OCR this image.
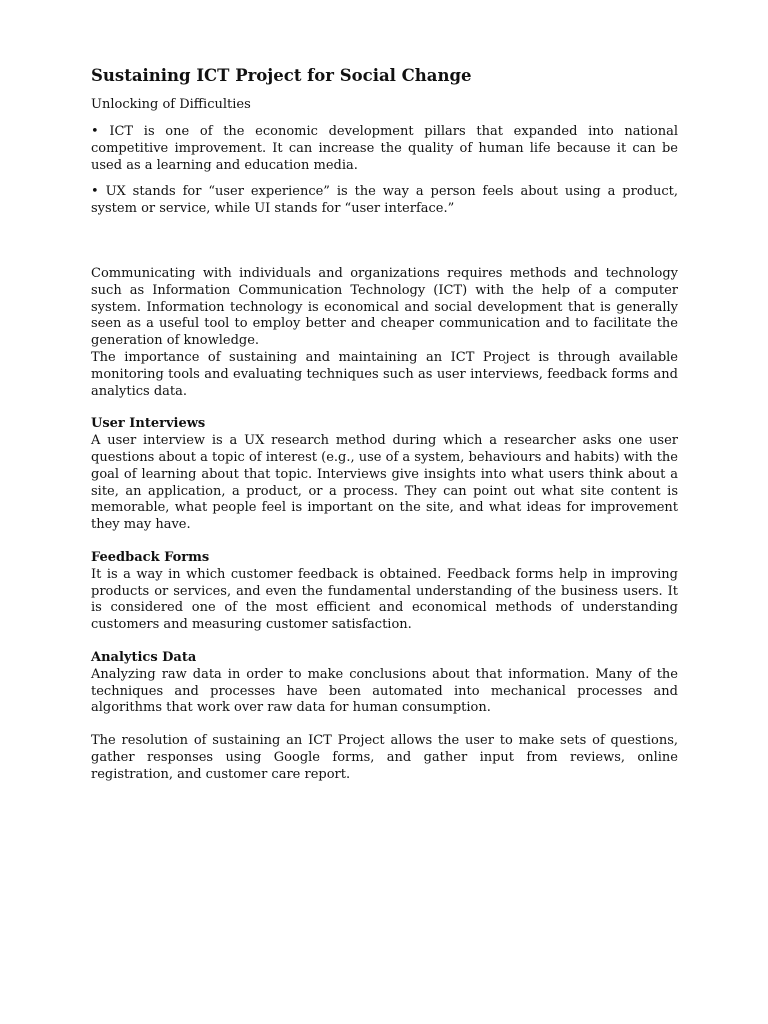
Sustaining ICT Project for Social Change
Unlocking of Difficulties

• ICT is one of the economic development pillars that expanded into national competitive improvement. It can increase the quality of human life because it can be used as a learning and education media.

• UX stands for “user experience” is the way a person feels about using a product, system or service, while UI stands for “user interface.”

Communicating with individuals and organizations requires methods and technology such as Information Communication Technology (ICT) with the help of a computer system. Information technology is economical and social development that is generally seen as a useful tool to employ better and cheaper communication and to facilitate the generation of knowledge.

The importance of sustaining and maintaining an ICT Project is through available monitoring tools and evaluating techniques such as user interviews, feedback forms and analytics data.

User Interviews

A user interview is a UX research method during which a researcher asks one user questions about a topic of interest (e.g., use of a system, behaviours and habits) with the goal of learning about that topic. Interviews give insights into what users think about a site, an application, a product, or a process. They can point out what site content is memorable, what people feel is important on the site, and what ideas for improvement they may have.

Feedback Forms

It is a way in which customer feedback is obtained. Feedback forms help in improving products or services, and even the fundamental understanding of the business users. It is considered one of the most efficient and economical methods of understanding customers and measuring customer satisfaction.

Analytics Data

Analyzing raw data in order to make conclusions about that information. Many of the techniques and processes have been automated into mechanical processes and algorithms that work over raw data for human consumption.

The resolution of sustaining an ICT Project allows the user to make sets of questions, gather responses using Google forms, and gather input from reviews, online registration, and customer care report.
